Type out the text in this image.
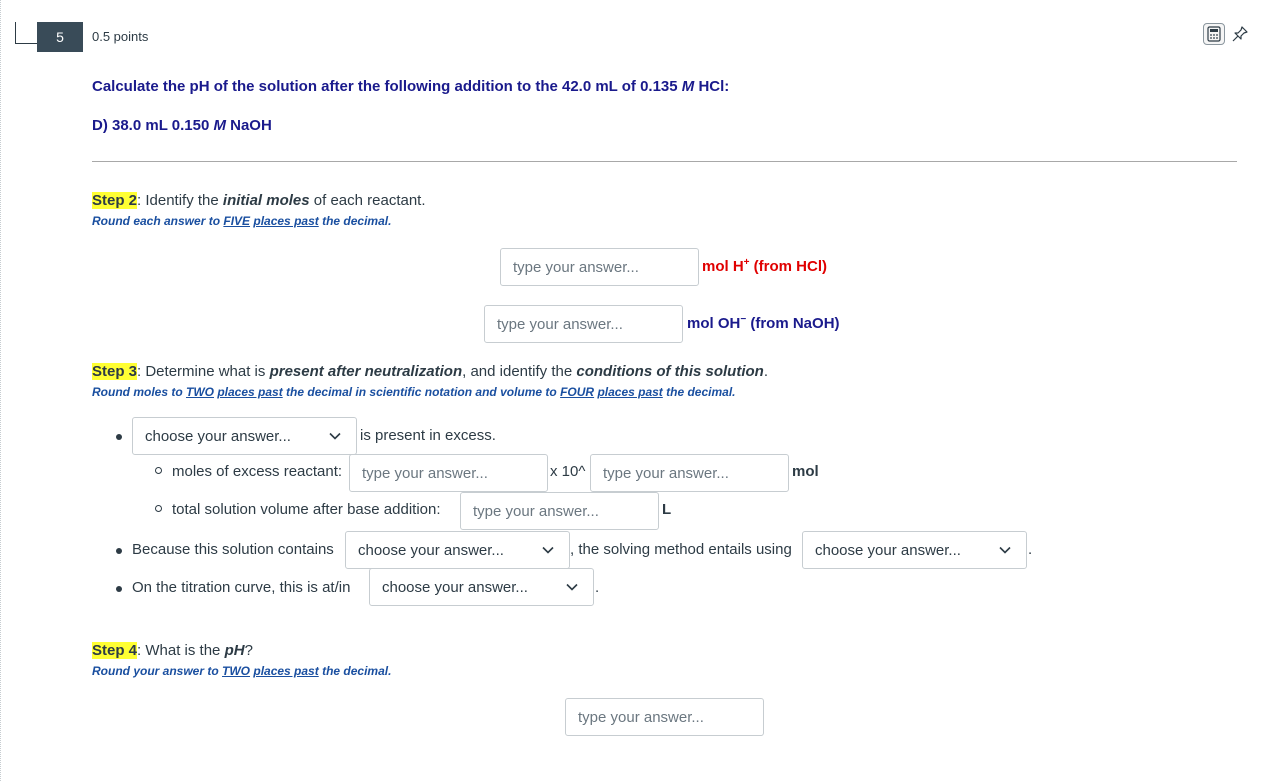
5	0.5 points
Calculate the pH of the solution after the following addition to the 42.0 mL of 0.135 M HCl:
D) 38.0 mL 0.150 M NaOH
Step 2: Identify the initial moles of each reactant.
Round each answer to FIVE places past the decimal.
type your answer...	mol H+ (from HCl)
type your answer...	mol OH− (from NaOH)
Step 3: Determine what is present after neutralization, and identify the conditions of this solution.
Round moles to TWO places past the decimal in scientific notation and volume to FOUR places past the decimal.
choose your answer...	is present in excess.
moles of excess reactant:	type your answer...	x 10^	type your answer...	mol
total solution volume after base addition:	type your answer...	L
Because this solution contains choose your answer...	, the solving method entails using choose your answer...	.
On the titration curve, this is at/in choose your answer...	.
Step 4: What is the pH?
Round your answer to TWO places past the decimal.
type your answer...
